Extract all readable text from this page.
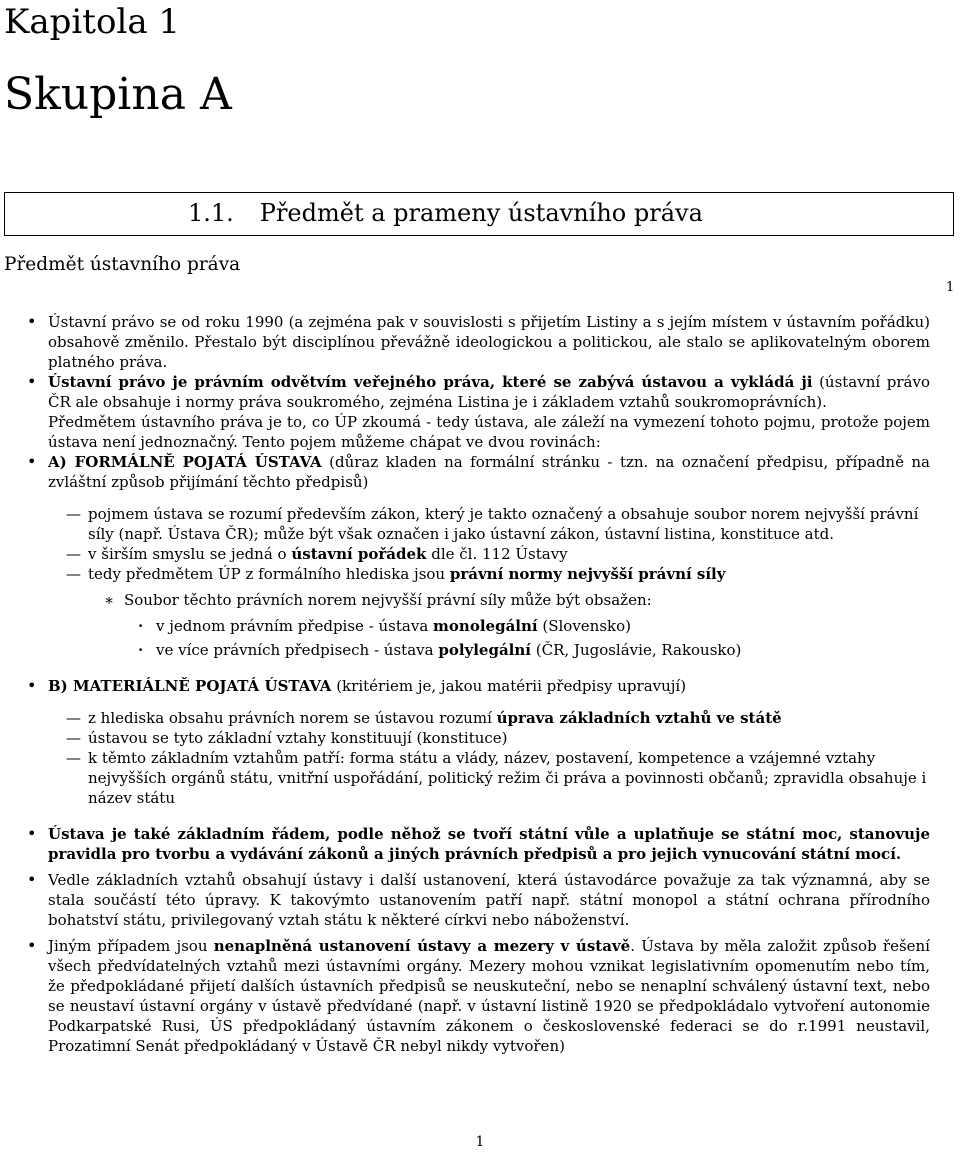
Kapitola 1
Skupina A
1.1. Předmět a prameny ústavního práva
Předmět ústavního práva
1
• Ústavní právo se od roku 1990 (a zejména pak v souvislosti s přijetím Listiny a s jejím místem v ústavním pořádku) obsahově změnilo. Přestalo být disciplínou převážně ideologickou a politickou, ale stalo se aplikovatelným oborem platného práva.
• Ústavní právo je právním odvětvím veřejného práva, které se zabývá ústavou a vykládá ji (ústavní právo ČR ale obsahuje i normy práva soukromého, zejména Listina je i základem vztahů soukromoprávních).
Předmětem ústavního práva je to, co ÚP zkoumá - tedy ústava, ale záleží na vymezení tohoto pojmu, protože pojem ústava není jednoznačný. Tento pojem můžeme chápat ve dvou rovinách:
• A) FORMÁLNĚ POJATÁ ÚSTAVA (důraz kladen na formální stránku - tzn. na označení předpisu, případně na zvláštní způsob přijímání těchto předpisů)
— pojmem ústava se rozumí především zákon, který je takto označený a obsahuje soubor norem nejvyšší právní síly (např. Ústava ČR); může být však označen i jako ústavní zákon, ústavní listina, konstituce atd.
— v širším smyslu se jedná o ústavní pořádek dle čl. 112 Ústavy
— tedy předmětem ÚP z formálního hlediska jsou právní normy nejvyšší právní síly
∗ Soubor těchto právních norem nejvyšší právní síly může být obsažen:
· v jednom právním předpise - ústava monolegální (Slovensko)
· ve více právních předpisech - ústava polylegální (ČR, Jugoslávie, Rakousko)
• B) MATERIÁLNĚ POJATÁ ÚSTAVA (kritériem je, jakou matérii předpisy upravují)
— z hlediska obsahu právních norem se ústavou rozumí úprava základních vztahů ve státě
— ústavou se tyto základní vztahy konstituují (konstituce)
— k těmto základním vztahům patří: forma státu a vlády, název, postavení, kompetence a vzájemné vztahy nejvyšších orgánů státu, vnitřní uspořádání, politický režim či práva a povinnosti občanů; zpravidla obsahuje i název státu
• Ústava je také základním řádem, podle něhož se tvoří státní vůle a uplatňuje se státní moc, stanovuje pravidla pro tvorbu a vydávání zákonů a jiných právních předpisů a pro jejich vynucování státní mocí.
• Vedle základních vztahů obsahují ústavy i další ustanovení, která ústavodárce považuje za tak významná, aby se stala součástí této úpravy. K takovýmto ustanovením patří např. státní monopol a státní ochrana přírodního bohatství státu, privilegovaný vztah státu k některé církvi nebo náboženství.
• Jiným případem jsou nenaplněná ustanovení ústavy a mezery v ústavě. Ústava by měla založit způsob řešení všech předvídatelných vztahů mezi ústavními orgány. Mezery mohou vznikat legislativním opomenutím nebo tím, že předpokládané přijetí dalších ústavních předpisů se neuskuteční, nebo se nenaplní schválený ústavní text, nebo se neustaví ústavní orgány v ústavě předvídané (např. v ústavní listině 1920 se předpokládalo vytvoření autonomie Podkarpatské Rusi, ÚS předpokládaný ústavním zákonem o československé federaci se do r.1991 neustavil, Prozatimní Senát předpokládaný v Ústavě ČR nebyl nikdy vytvořen)
1
